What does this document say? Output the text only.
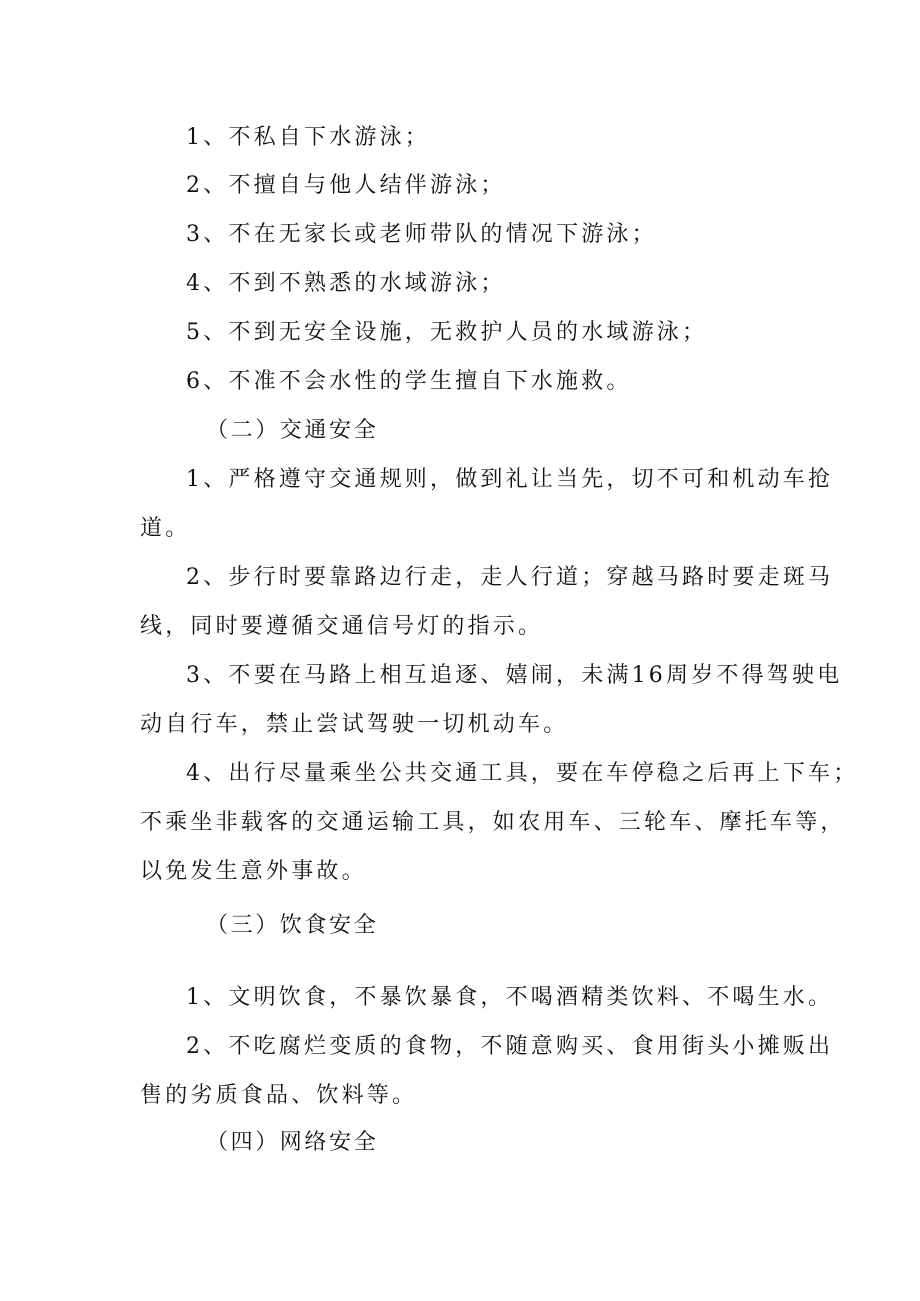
1、不私自下水游泳；
2、不擅自与他人结伴游泳；
3、不在无家长或老师带队的情况下游泳；
4、不到不熟悉的水域游泳；
5、不到无安全设施，无救护人员的水域游泳；
6、不准不会水性的学生擅自下水施救。
（二）交通安全
1、严格遵守交通规则，做到礼让当先，切不可和机动车抢
道。
2、步行时要靠路边行走，走人行道；穿越马路时要走斑马
线，同时要遵循交通信号灯的指示。
3、不要在马路上相互追逐、嬉闹，未满16周岁不得驾驶电
动自行车，禁止尝试驾驶一切机动车。
4、出行尽量乘坐公共交通工具，要在车停稳之后再上下车；
不乘坐非载客的交通运输工具，如农用车、三轮车、摩托车等，
以免发生意外事故。
（三）饮食安全
1、文明饮食，不暴饮暴食，不喝酒精类饮料、不喝生水。
2、不吃腐烂变质的食物，不随意购买、食用街头小摊贩出
售的劣质食品、饮料等。
（四）网络安全
